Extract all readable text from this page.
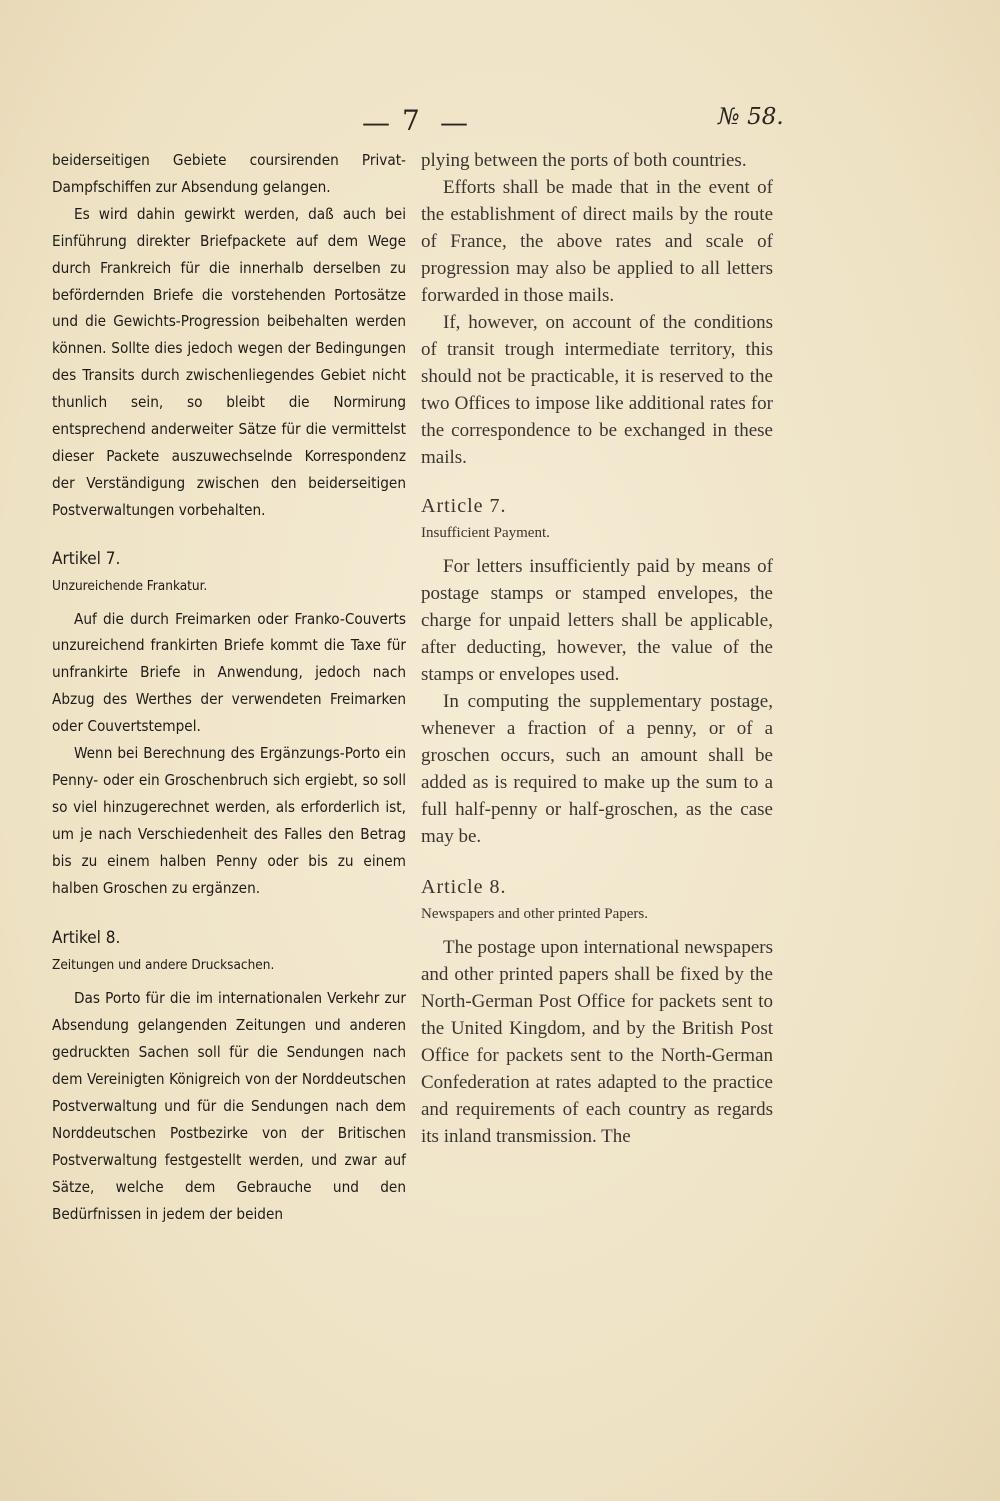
— 7 —	№ 58.

beiderseitigen Gebiete coursirenden Privat-Dampfschiffen zur Absendung gelangen.

Es wird dahin gewirkt werden, daß auch bei Einführung direkter Briefpackete auf dem Wege durch Frankreich für die innerhalb derselben zu befördernden Briefe die vorstehenden Portosätze und die Gewichts-Progression beibehalten werden können. Sollte dies jedoch wegen der Bedingungen des Transits durch zwischenliegendes Gebiet nicht thunlich sein, so bleibt die Normirung entsprechend anderweiter Sätze für die vermittelst dieser Packete auszuwechselnde Korrespondenz der Verständigung zwischen den beiderseitigen Postverwaltungen vorbehalten.

Artikel 7.

Unzureichende Frankatur.

Auf die durch Freimarken oder Franko-Couverts unzureichend frankirten Briefe kommt die Taxe für unfrankirte Briefe in Anwendung, jedoch nach Abzug des Werthes der verwendeten Freimarken oder Couvertstempel.

Wenn bei Berechnung des Ergänzungs-Porto ein Penny- oder ein Groschenbruch sich ergiebt, so soll so viel hinzugerechnet werden, als erforderlich ist, um je nach Verschiedenheit des Falles den Betrag bis zu einem halben Penny oder bis zu einem halben Groschen zu ergänzen.

Artikel 8.

Zeitungen und andere Drucksachen.

Das Porto für die im internationalen Verkehr zur Absendung gelangenden Zeitungen und anderen gedruckten Sachen soll für die Sendungen nach dem Vereinigten Königreich von der Norddeutschen Postverwaltung und für die Sendungen nach dem Norddeutschen Postbezirke von der Britischen Postverwaltung festgestellt werden, und zwar auf Sätze, welche dem Gebrauche und den Bedürfnissen in jedem der beiden

plying between the ports of both countries.

Efforts shall be made that in the event of the establishment of direct mails by the route of France, the above rates and scale of progression may also be applied to all letters forwarded in those mails.

If, however, on account of the conditions of transit trough intermediate territory, this should not be practicable, it is reserved to the two Offices to impose like additional rates for the correspondence to be exchanged in these mails.

Article 7.

Insufficient Payment.

For letters insufficiently paid by means of postage stamps or stamped envelopes, the charge for unpaid letters shall be applicable, after deducting, however, the value of the stamps or envelopes used.

In computing the supplementary postage, whenever a fraction of a penny, or of a groschen occurs, such an amount shall be added as is required to make up the sum to a full half-penny or half-groschen, as the case may be.

Article 8.

Newspapers and other printed Papers.

The postage upon international newspapers and other printed papers shall be fixed by the North-German Post Office for packets sent to the United Kingdom, and by the British Post Office for packets sent to the North-German Confederation at rates adapted to the practice and requirements of each country as regards its inland transmission. The
